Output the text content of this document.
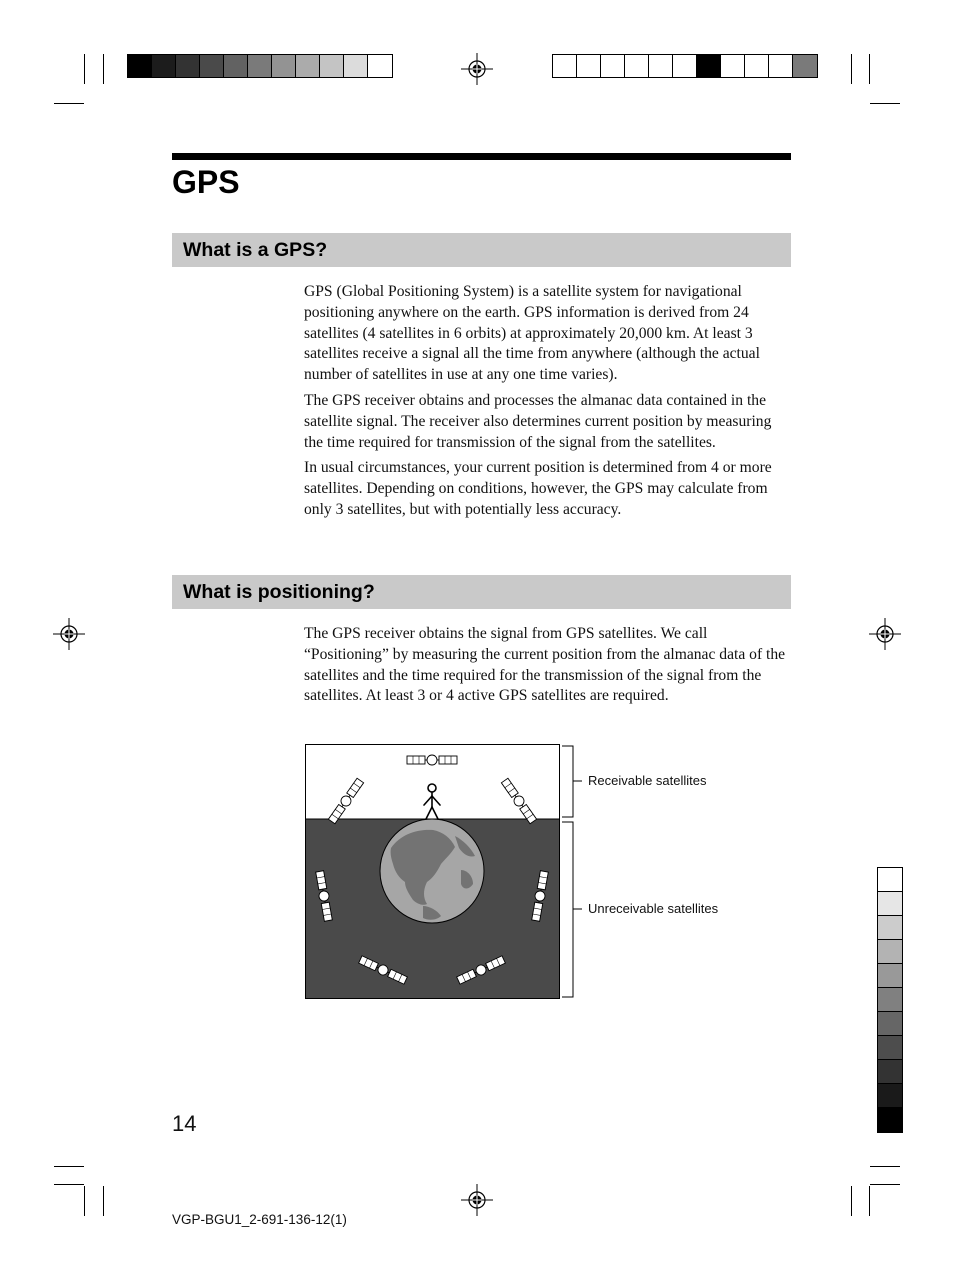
GPS
What is a GPS?

GPS (Global Positioning System) is a satellite system for navigational positioning anywhere on the earth. GPS information is derived from 24 satellites (4 satellites in 6 orbits) at approximately 20,000 km. At least 3 satellites receive a signal all the time from anywhere (although the actual number of satellites in use at any one time varies).

The GPS receiver obtains and processes the almanac data contained in the satellite signal. The receiver also determines current position by measuring the time required for transmission of the signal from the satellites.

In usual circumstances, your current position is determined from 4 or more satellites. Depending on conditions, however, the GPS may calculate from only 3 satellites, but with potentially less accuracy.

What is positioning?

The GPS receiver obtains the signal from GPS satellites. We call “Positioning” by measuring the current position from the almanac data of the satellites and the time required for the transmission of the signal from the satellites. At least 3 or 4 active GPS satellites are required.

Receivable satellites
Unreceivable satellites
14
VGP-BGU1_2-691-136-12(1)
